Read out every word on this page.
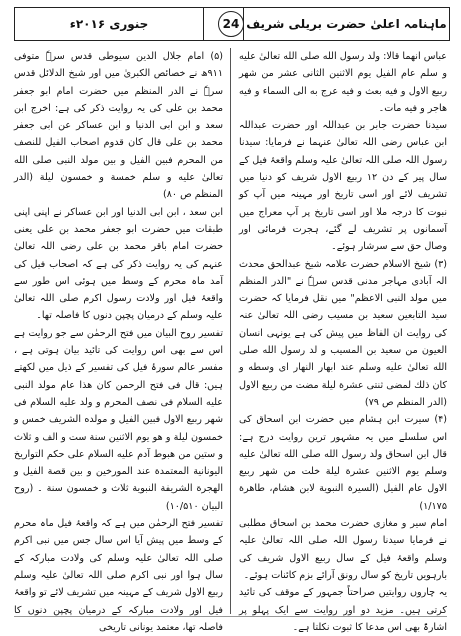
ماہنامہ اعلیٰ حضرت بریلی شریف
جنوری ۲۰۱۶ء	24

عباس انهما قالا: ولد رسول الله صلى الله تعالىٰ عليه و سلم عام الفيل يوم الاثنين الثانى عشر من شهر ربيع الاول و فيه بعث و فيه عرج به الى السماء و فيه هاجر و فيه مات۔

سیدنا حضرت جابر بن عبداللہ اور حضرت عبداللہ ابن عباس رضی اللہ تعالیٰ عنہما نے فرمایا: سیدنا رسول اللہ صلی اللہ تعالیٰ علیہ وسلم واقعۂ فیل کے سال پیر کے دن ۱۲ ربیع الاول شریف کو دنیا میں تشریف لائے اور اسی تاریخ اور مہینہ میں آپ کو نبوت کا درجہ ملا اور اسی تاریخ پر آپ معراج میں آسمانوں پر تشریف لے گئے، ہجرت فرمائی اور وصال حق سے سرشار ہوئے۔

(۳) شیخ الاسلام حضرت علامہ شیخ عبدالحق محدث الہ آبادی مہاجر مدنی قدس سرہٗ نے "الدر المنظم میں مولد النبی الاعظم" میں نقل فرمایا کہ حضرت سید التابعین سعید بن مسیب رضی اللہ تعالیٰ عنہ کی روایت ان الفاظ میں پیش کی ہے یونہی انسان العیون من سعيد بن المسيب و لد رسول الله صلى الله تعالىٰ عليه وسلم عند ابهار النهار اى وسطه و كان ذلك لمضى ثنتى عشرة ليلة مضت من ربيع الاول (الدر المنظم ص ۷۹)

(۴) سیرت ابن ہشام میں حضرت ابن اسحاق کی اس سلسلے میں یہ مشہور ترین روایت درج ہے: قال ابن اسحاق ولد رسول الله صلى الله تعالىٰ عليه وسلم يوم الاثنين عشرة ليلة خلت من شهر ربيع الاول عام الفيل (السيرة النبوية لابن هشام، طاهرة ۱/۱۷۵)

امام سیر و مغازی حضرت محمد بن اسحاق مطلبی نے فرمایا سیدنا رسول اللہ صلی اللہ تعالیٰ علیہ وسلم واقعۂ فیل کے سال ربیع الاول شریف کی بارہویں تاریخ کو سال رونق آرائے بزم کائنات ہوئے۔

یہ چاروں روایتیں صراحتاً جمہور کے موقف کی تائید کرتی ہیں۔ مزید دو اور روایت سے ایک پہلو پر اشارۃً بھی اس مدعا کا ثبوت نکلتا ہے۔

(۵) امام جلال الدین سیوطی قدس سرہٗ متوفی ۹۱۱ھ نے خصائص الکبریٰ میں اور شیخ الدلائل قدس سرہٗ نے الدر المنظم میں حضرت امام ابو جعفر محمد بن علی کی یہ روایت ذکر کی ہے: اخرج ابن سعد و ابن ابی الدنیا و ابن عساکر عن ابی جعفر محمد بن علی قال کان قدوم اصحاب الفیل للنصف من المحرم فبین الفیل و بین مولد النبی صلی الله تعالىٰ عليه و سلم خمسة و خمسون ليلة (الدر المنظم ص ۸۰)

ابن سعد ، ابن ابی الدنیا اور ابن عساکر نے اپنی اپنی طبقات میں حضرت ابو جعفر محمد بن علی یعنی حضرت امام باقر محمد بن علی رضی اللہ تعالیٰ عنہم کی یہ روایت ذکر کی ہے کہ اصحاب فیل کی آمد ماہ محرم کے وسط میں ہوئی اس طور سے واقعۂ فیل اور ولادت رسول اکرم صلی اللہ تعالیٰ علیہ وسلم کے درمیان پچپن دنوں کا فاصلہ تھا۔

تفسیر روح البیان میں فتح الرحمٰن سے جو روایت ہے اس سے بھی اس روایت کی تائید بیان ہوتی ہے ، مفسر عالم سورۂ فیل کی تفسیر کے ذیل میں لکھتے ہیں: قال فی فتح الرحمن کان هذا عام مولد النبی علیه السلام فی نصف المحرم و ولد علیه السلام فی شهر ربیع الاول فبین الفیل و مولده الشریف خمس و خمسون لیلة و هو یوم الاثنین سنة ست و الف و ثلاث و ستین من هبوط آدم علیه السلام علی حکم التواریخ الیونانیة المعتمدة عند المورخین و بین قصة الفیل و الهجرة الشریفة النبویة ثلاث و خمسون سنة ۔ (روح البیان ۱۰/۵۱۰)

تفسیر فتح الرحمٰن میں ہے کہ واقعۂ فیل ماہ محرم کے وسط میں پیش آیا اس سال جس میں نبی اکرم صلی اللہ تعالیٰ علیہ وسلم کی ولادت مبارکہ کے سال ہوا اور نبی اکرم صلی اللہ تعالیٰ علیہ وسلم ربیع الاول شریف کے مہینہ میں تشریف لائے تو واقعۂ فیل اور ولادت مبارکہ کے درمیان پچپن دنوں کا فاصلہ تھا، معتمد یونانی تاریخی
